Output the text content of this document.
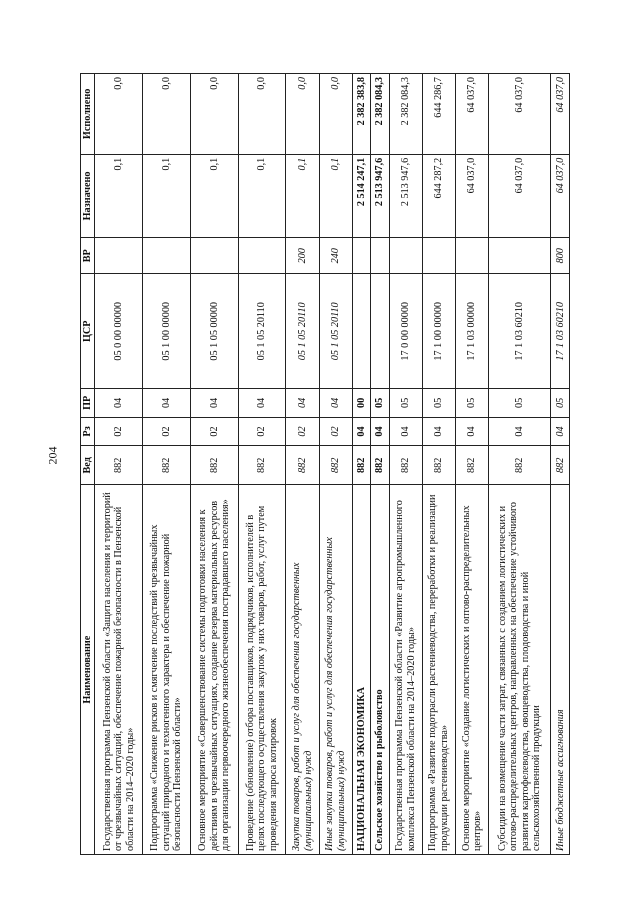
204
Наименование	Вед	Рз	ПР	ЦСР	ВР	Назначено	Исполнено
Государственная программа Пензенской области «Защита населения и территорий от чрезвычайных ситуаций, обеспечение пожарной безопасности в Пензенской области на 2014–2020 годы»	882	02	04	05 0 00 00000		0,1	0,0
Подпрограмма «Снижение рисков и смягчение последствий чрезвычайных ситуаций природного и техногенного характера и обеспечение пожарной безопасности Пензенской области»	882	02	04	05 1 00 00000		0,1	0,0
Основное мероприятие «Совершенствование системы подготовки населения к действиям в чрезвычайных ситуациях, создание резерва материальных ресурсов для организации первоочередного жизнеобеспечения пострадавшего населения»	882	02	04	05 1 05 00000		0,1	0,0
Проведение (обновление) отбора поставщиков, подрядчиков, исполнителей в целях последующего осуществления закупок у них товаров, работ, услуг путем проведения запроса котировок	882	02	04	05 1 05 20110		0,1	0,0
Закупка товаров, работ и услуг для обеспечения государственных (муниципальных) нужд	882	02	04	05 1 05 20110	200	0,1	0,0
Иные закупки товаров, работ и услуг для обеспечения государственных (муниципальных) нужд	882	02	04	05 1 05 20110	240	0,1	0,0
НАЦИОНАЛЬНАЯ ЭКОНОМИКА	882	04	00			2 514 247,1	2 382 383,8
Сельское хозяйство и рыболовство	882	04	05			2 513 947,6	2 382 084,3
Государственная программа Пензенской области «Развитие агропромышленного комплекса Пензенской области на 2014–2020 годы»	882	04	05	17 0 00 00000		2 513 947,6	2 382 084,3
Подпрограмма «Развитие подотрасли растениеводства, переработки и реализации продукции растениеводства»	882	04	05	17 1 00 00000		644 287,2	644 286,7
Основное мероприятие «Создание логистических и оптово-распределительных центров»	882	04	05	17 1 03 00000		64 037,0	64 037,0
Субсидии на возмещение части затрат, связанных с созданием логистических и оптово-распределительных центров, направленных на обеспечение устойчивого развития картофелеводства, овощеводства, плодоводства и иной сельскохозяйственной продукции	882	04	05	17 1 03 60210		64 037,0	64 037,0
Иные бюджетные ассигнования	882	04	05	17 1 03 60210	800	64 037,0	64 037,0
